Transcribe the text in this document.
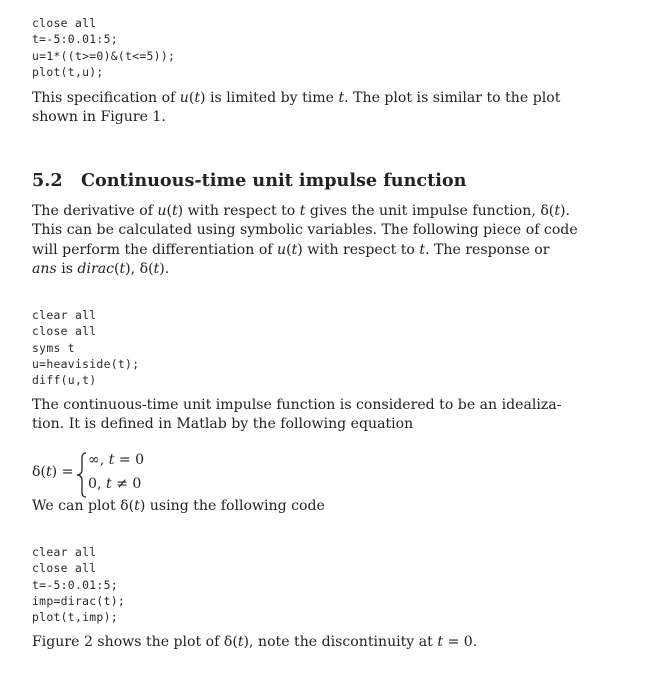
close all
t=-5:0.01:5;
u=1*((t>=0)&(t<=5));
plot(t,u);
This specification of u(t) is limited by time t. The plot is similar to the plot
shown in Figure 1.
5.2 Continuous-time unit impulse function
The derivative of u(t) with respect to t gives the unit impulse function, δ(t).
This can be calculated using symbolic variables. The following piece of code
will perform the differentiation of u(t) with respect to t. The response or
ans is dirac(t), δ(t).
clear all
close all
syms t
u=heaviside(t);
diff(u,t)
The continuous-time unit impulse function is considered to be an idealiza-
tion. It is defined in Matlab by the following equation
δ(t) =
∞, t = 0
0, t ≠ 0
We can plot δ(t) using the following code
clear all
close all
t=-5:0.01:5;
imp=dirac(t);
plot(t,imp);
Figure 2 shows the plot of δ(t), note the discontinuity at t = 0.
